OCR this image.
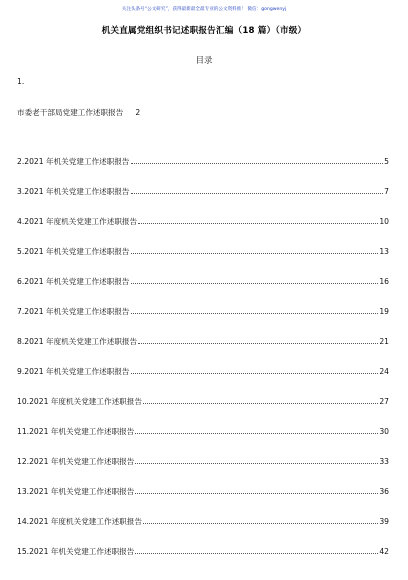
关注头条号“公文研究”，获得最新最全最专业的公文资料推！ 微信：gongwenyj
机关直属党组织书记述职报告汇编（18 篇）（市级）
目录
1.
市委老干部局党建工作述职报告 2
2.2021 年机关党建工作述职报告	5
3.2021 年机关党建工作述职报告	7
4.2021 年度机关党建工作述职报告	10
5.2021 年机关党建工作述职报告	13
6.2021 年机关党建工作述职报告	16
7.2021 年机关党建工作述职报告	19
8.2021 年度机关党建工作述职报告	21
9.2021 年机关党建工作述职报告	24
10.2021 年度机关党建工作述职报告	27
11.2021 年机关党建工作述职报告	30
12.2021 年机关党建工作述职报告	33
13.2021 年机关党建工作述职报告	36
14.2021 年度机关党建工作述职报告	39
15.2021 年机关党建工作述职报告	42
